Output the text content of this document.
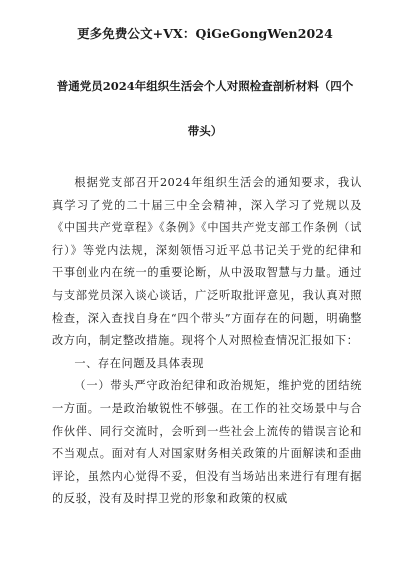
更多免费公文+VX：QiGeGongWen2024
普通党员2024年组织生活会个人对照检查剖析材料（四个
带头）

根据党支部召开2024年组织生活会的通知要求，我认真学习了党的二十届三中全会精神，深入学习了党规以及《中国共产党章程》《条例》《中国共产党支部工作条例（试行）》等党内法规，深刻领悟习近平总书记关于党的纪律和干事创业内在统一的重要论断，从中汲取智慧与力量。通过与支部党员深入谈心谈话，广泛听取批评意见，我认真对照检查，深入查找自身在“四个带头”方面存在的问题，明确整改方向，制定整改措施。现将个人对照检查情况汇报如下：

一、存在问题及具体表现

（一）带头严守政治纪律和政治规矩，维护党的团结统一方面。一是政治敏锐性不够强。在工作的社交场景中与合作伙伴、同行交流时，会听到一些社会上流传的错误言论和不当观点。面对有人对国家财务相关政策的片面解读和歪曲评论，虽然内心觉得不妥，但没有当场站出来进行有理有据的反驳，没有及时捍卫党的形象和政策的权威
